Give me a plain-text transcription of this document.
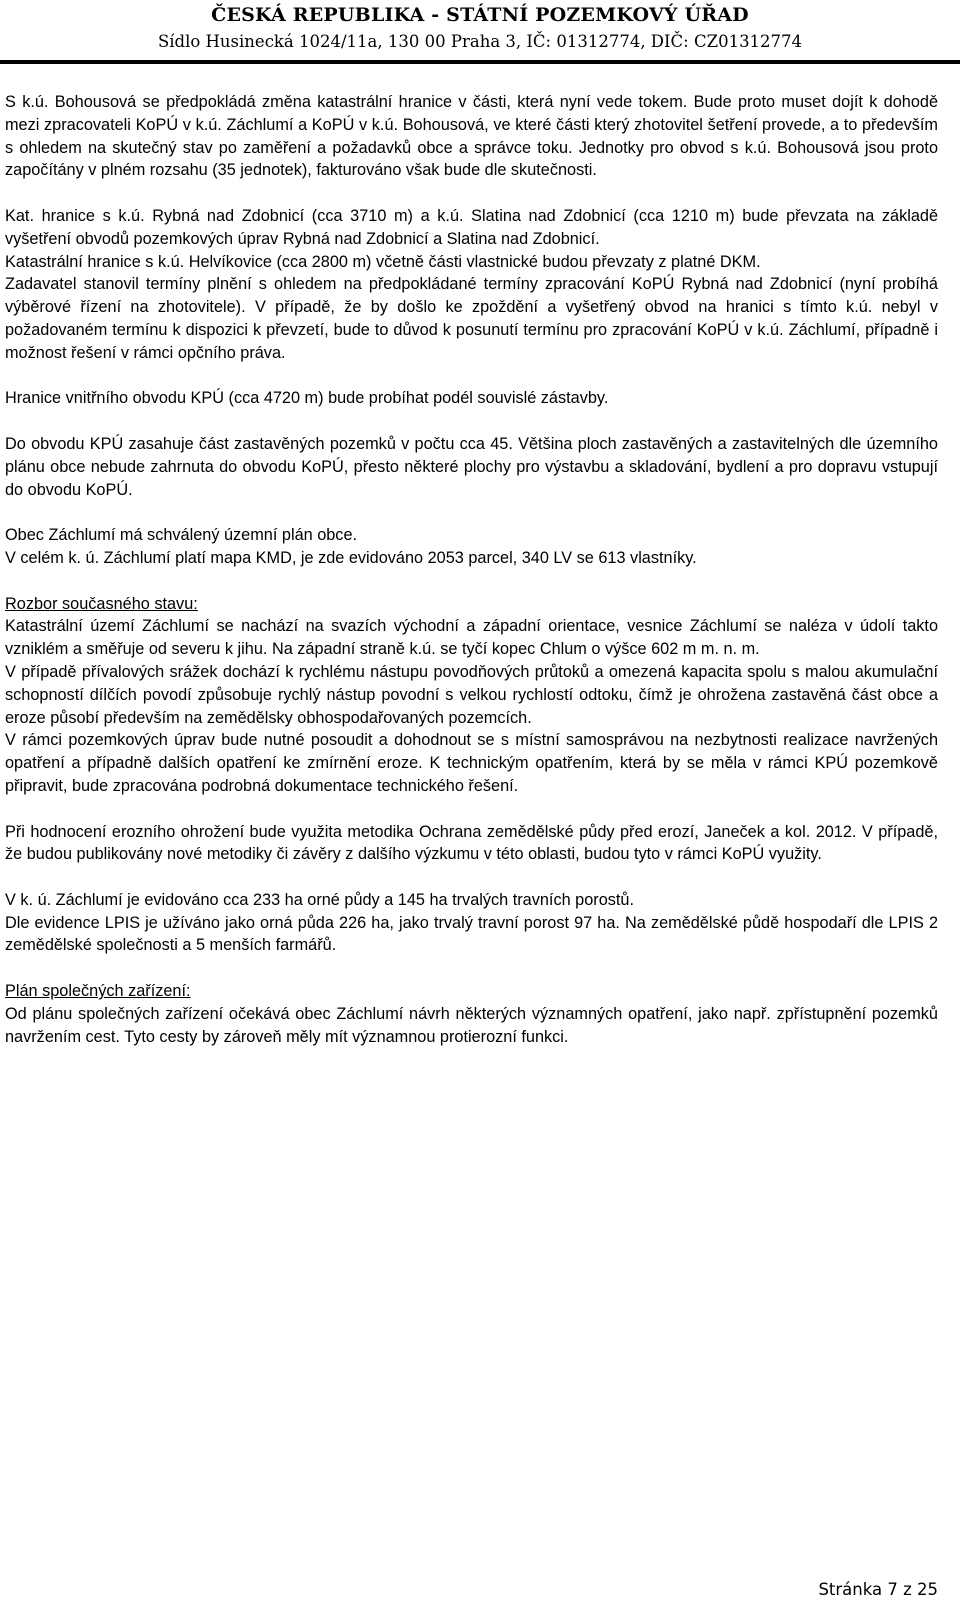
ČESKÁ REPUBLIKA - STÁTNÍ POZEMKOVÝ ÚŘAD
Sídlo Husinecká 1024/11a, 130 00 Praha 3, IČ: 01312774, DIČ: CZ01312774

S k.ú. Bohousová se předpokládá změna katastrální hranice v části, která nyní vede tokem. Bude proto muset dojít k dohodě mezi zpracovateli KoPÚ v k.ú. Záchlumí a KoPÚ v k.ú. Bohousová, ve které části který zhotovitel šetření provede, a to především s ohledem na skutečný stav po zaměření a požadavků obce a správce toku. Jednotky pro obvod s k.ú. Bohousová jsou proto započítány v plném rozsahu (35 jednotek), fakturováno však bude dle skutečnosti.

Kat. hranice s k.ú. Rybná nad Zdobnicí (cca 3710 m) a k.ú. Slatina nad Zdobnicí (cca 1210 m) bude převzata na základě vyšetření obvodů pozemkových úprav Rybná nad Zdobnicí a Slatina nad Zdobnicí.

Katastrální hranice s k.ú. Helvíkovice (cca 2800 m) včetně části vlastnické budou převzaty z platné DKM.

Zadavatel stanovil termíny plnění s ohledem na předpokládané termíny zpracování KoPÚ Rybná nad Zdobnicí (nyní probíhá výběrové řízení na zhotovitele). V případě, že by došlo ke zpoždění a vyšetřený obvod na hranici s tímto k.ú. nebyl v požadovaném termínu k dispozici k převzetí, bude to důvod k posunutí termínu pro zpracování KoPÚ v k.ú. Záchlumí, případně i možnost řešení v rámci opčního práva.

Hranice vnitřního obvodu KPÚ (cca 4720 m) bude probíhat podél souvislé zástavby.

Do obvodu KPÚ zasahuje část zastavěných pozemků v počtu cca 45. Většina ploch zastavěných a zastavitelných dle územního plánu obce nebude zahrnuta do obvodu KoPÚ, přesto některé plochy pro výstavbu a skladování, bydlení a pro dopravu vstupují do obvodu KoPÚ.

Obec Záchlumí má schválený územní plán obce.

V celém k. ú. Záchlumí platí mapa KMD, je zde evidováno 2053 parcel, 340 LV se 613 vlastníky.

Rozbor současného stavu:

Katastrální území Záchlumí se nachází na svazích východní a západní orientace, vesnice Záchlumí se naléza v údolí takto vzniklém a směřuje od severu k jihu. Na západní straně k.ú. se tyčí kopec Chlum o výšce 602 m m. n. m.

V případě přívalových srážek dochází k rychlému nástupu povodňových průtoků a omezená kapacita spolu s malou akumulační schopností dílčích povodí způsobuje rychlý nástup povodní s velkou rychlostí odtoku, čímž je ohrožena zastavěná část obce a eroze působí především na zemědělsky obhospodařovaných pozemcích.

V rámci pozemkových úprav bude nutné posoudit a dohodnout se s místní samosprávou na nezbytnosti realizace navržených opatření a případně dalších opatření ke zmírnění eroze. K technickým opatřením, která by se měla v rámci KPÚ pozemkově připravit, bude zpracována podrobná dokumentace technického řešení.

Při hodnocení erozního ohrožení bude využita metodika Ochrana zemědělské půdy před erozí, Janeček a kol. 2012. V případě, že budou publikovány nové metodiky či závěry z dalšího výzkumu v této oblasti, budou tyto v rámci KoPÚ využity.

V k. ú. Záchlumí je evidováno cca 233 ha orné půdy a 145 ha trvalých travních porostů.

Dle evidence LPIS je užíváno jako orná půda 226 ha, jako trvalý travní porost 97 ha. Na zemědělské půdě hospodaří dle LPIS 2 zemědělské společnosti a 5 menších farmářů.

Plán společných zařízení:

Od plánu společných zařízení očekává obec Záchlumí návrh některých významných opatření, jako např. zpřístupnění pozemků navržením cest. Tyto cesty by zároveň měly mít významnou protierozní funkci.

Stránka 7 z 25
